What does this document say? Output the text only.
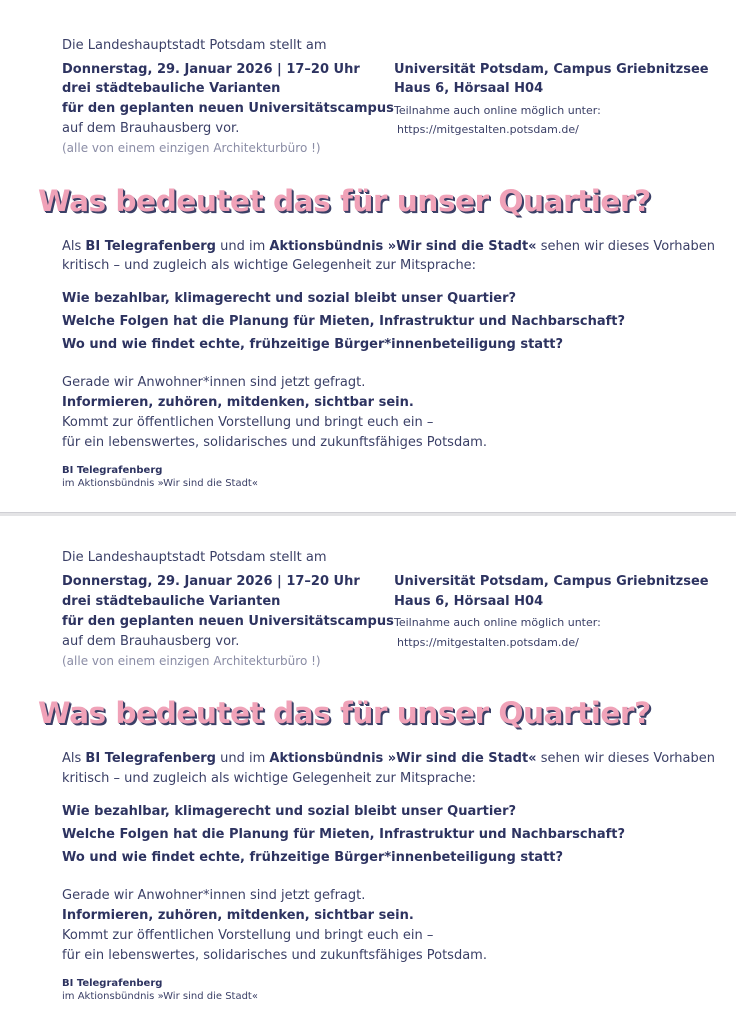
Die Landeshauptstadt Potsdam stellt am
Donnerstag, 29. Januar 2026 | 17–20 Uhr
drei städtebauliche Varianten
für den geplanten neuen Universitätscampus
auf dem Brauhausberg vor.
(alle von einem einzigen Architekturbüro !)
Universität Potsdam, Campus Griebnitzsee
Haus 6, Hörsaal H04
Teilnahme auch online möglich unter:
https://mitgestalten.potsdam.de/
Was bedeutet das für unser Quartier?
Als BI Telegrafenberg und im Aktionsbündnis »Wir sind die Stadt« sehen wir dieses Vorhaben
kritisch – und zugleich als wichtige Gelegenheit zur Mitsprache:
Wie bezahlbar, klimagerecht und sozial bleibt unser Quartier?
Welche Folgen hat die Planung für Mieten, Infrastruktur und Nachbarschaft?
Wo und wie findet echte, frühzeitige Bürger*innenbeteiligung statt?
Gerade wir Anwohner*innen sind jetzt gefragt.
Informieren, zuhören, mitdenken, sichtbar sein.
Kommt zur öffentlichen Vorstellung und bringt euch ein –
für ein lebenswertes, solidarisches und zukunftsfähiges Potsdam.
BI Telegrafenberg
im Aktionsbündnis »Wir sind die Stadt«
Die Landeshauptstadt Potsdam stellt am
Donnerstag, 29. Januar 2026 | 17–20 Uhr
drei städtebauliche Varianten
für den geplanten neuen Universitätscampus
auf dem Brauhausberg vor.
(alle von einem einzigen Architekturbüro !)
Universität Potsdam, Campus Griebnitzsee
Haus 6, Hörsaal H04
Teilnahme auch online möglich unter:
https://mitgestalten.potsdam.de/
Was bedeutet das für unser Quartier?
Als BI Telegrafenberg und im Aktionsbündnis »Wir sind die Stadt« sehen wir dieses Vorhaben
kritisch – und zugleich als wichtige Gelegenheit zur Mitsprache:
Wie bezahlbar, klimagerecht und sozial bleibt unser Quartier?
Welche Folgen hat die Planung für Mieten, Infrastruktur und Nachbarschaft?
Wo und wie findet echte, frühzeitige Bürger*innenbeteiligung statt?
Gerade wir Anwohner*innen sind jetzt gefragt.
Informieren, zuhören, mitdenken, sichtbar sein.
Kommt zur öffentlichen Vorstellung und bringt euch ein –
für ein lebenswertes, solidarisches und zukunftsfähiges Potsdam.
BI Telegrafenberg
im Aktionsbündnis »Wir sind die Stadt«
